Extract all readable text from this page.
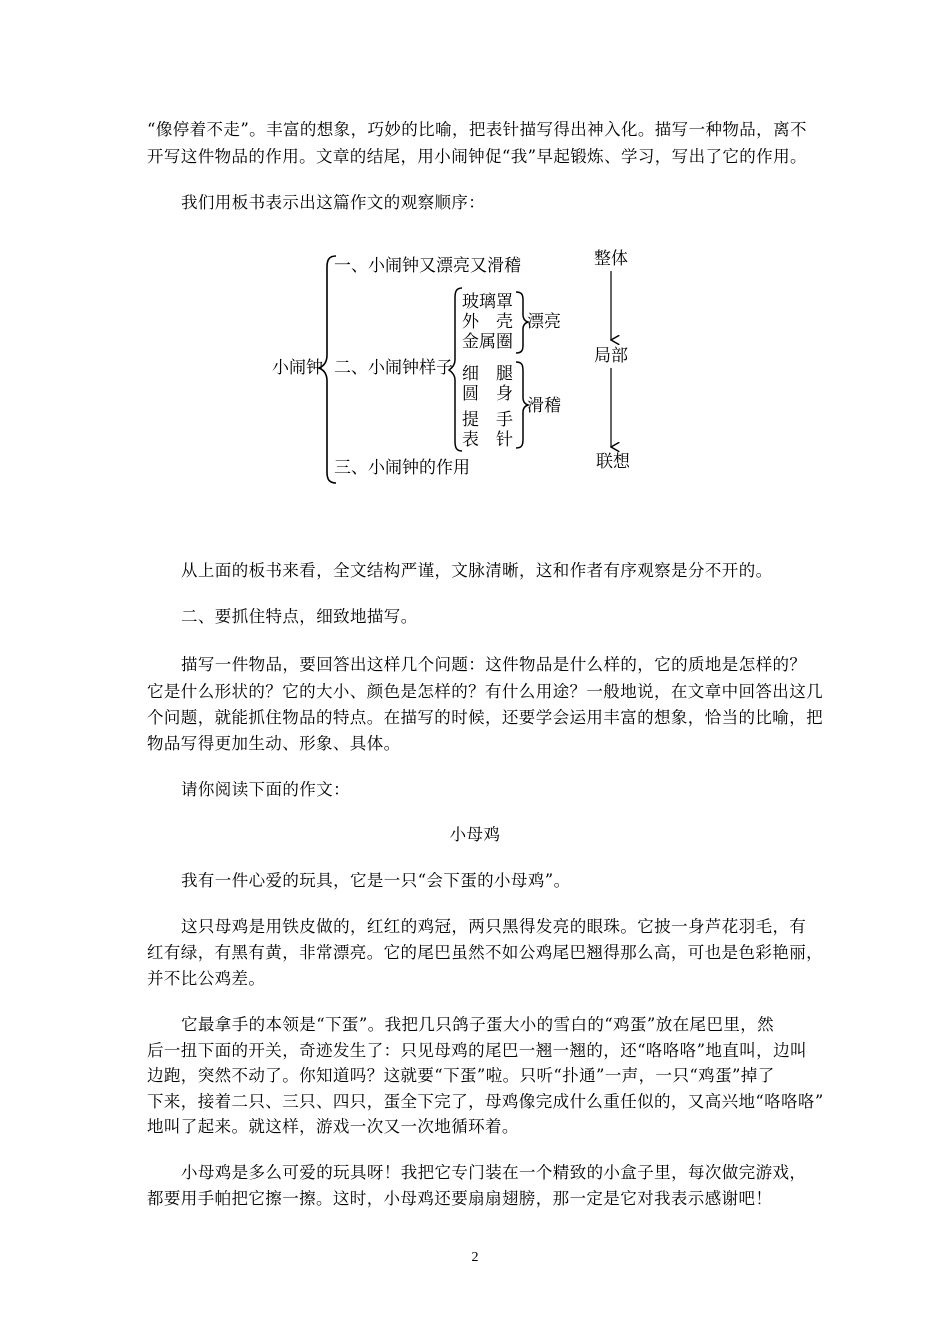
“像停着不走”。丰富的想象，巧妙的比喻，把表针描写得出神入化。描写一种物品，离不
开写这件物品的作用。文章的结尾，用小闹钟促“我”早起锻炼、学习，写出了它的作用。
我们用板书表示出这篇作文的观察顺序：
小闹钟
一、小闹钟又漂亮又滑稽
二、小闹钟样子
三、小闹钟的作用
玻璃罩
外　壳
金属圈
漂亮
细　腿
圆　身
提　手
表　针
滑稽
整体
局部
联想
从上面的板书来看，全文结构严谨，文脉清晰，这和作者有序观察是分不开的。
二、要抓住特点，细致地描写。
描写一件物品，要回答出这样几个问题：这件物品是什么样的，它的质地是怎样的？
它是什么形状的？它的大小、颜色是怎样的？有什么用途？一般地说，在文章中回答出这几
个问题，就能抓住物品的特点。在描写的时候，还要学会运用丰富的想象，恰当的比喻，把
物品写得更加生动、形象、具体。
请你阅读下面的作文：
小母鸡
我有一件心爱的玩具，它是一只“会下蛋的小母鸡”。
这只母鸡是用铁皮做的，红红的鸡冠，两只黑得发亮的眼珠。它披一身芦花羽毛，有
红有绿，有黑有黄，非常漂亮。它的尾巴虽然不如公鸡尾巴翘得那么高，可也是色彩艳丽，
并不比公鸡差。
它最拿手的本领是“下蛋”。我把几只鸽子蛋大小的雪白的“鸡蛋”放在尾巴里，然
后一扭下面的开关，奇迹发生了：只见母鸡的尾巴一翘一翘的，还“咯咯咯”地直叫，边叫
边跑，突然不动了。你知道吗？这就要“下蛋”啦。只听“扑通”一声，一只“鸡蛋”掉了
下来，接着二只、三只、四只，蛋全下完了，母鸡像完成什么重任似的，又高兴地“咯咯咯”
地叫了起来。就这样，游戏一次又一次地循环着。
小母鸡是多么可爱的玩具呀！我把它专门装在一个精致的小盒子里，每次做完游戏，
都要用手帕把它擦一擦。这时，小母鸡还要扇扇翅膀，那一定是它对我表示感谢吧！
2
